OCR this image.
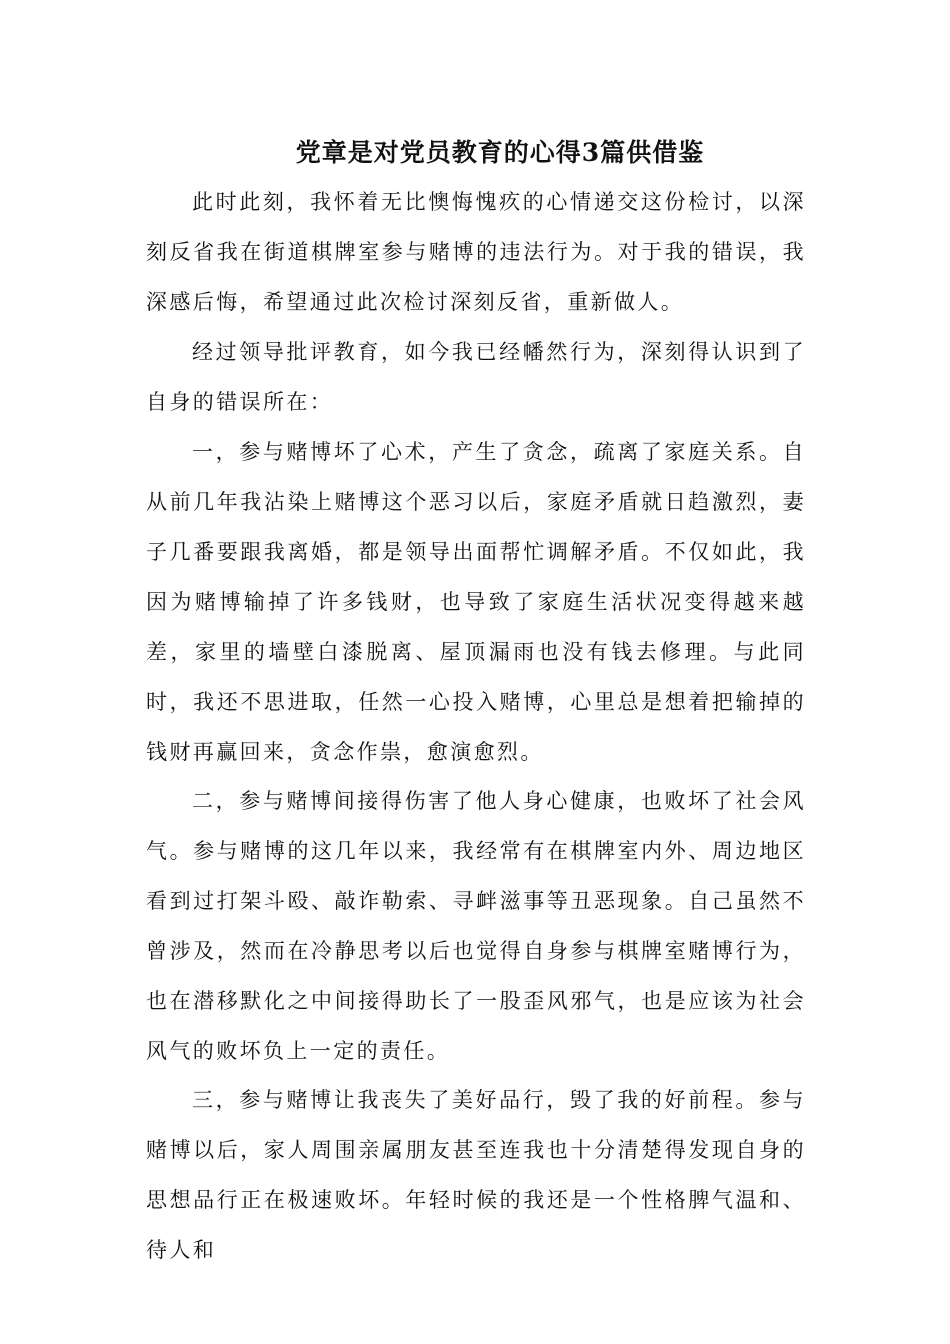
党章是对党员教育的心得3篇供借鉴

此时此刻，我怀着无比懊悔愧疚的心情递交这份检讨，以深刻反省我在街道棋牌室参与赌博的违法行为。对于我的错误，我深感后悔，希望通过此次检讨深刻反省，重新做人。

经过领导批评教育，如今我已经幡然行为，深刻得认识到了自身的错误所在：

一，参与赌博坏了心术，产生了贪念，疏离了家庭关系。自从前几年我沾染上赌博这个恶习以后，家庭矛盾就日趋激烈，妻子几番要跟我离婚，都是领导出面帮忙调解矛盾。不仅如此，我因为赌博输掉了许多钱财，也导致了家庭生活状况变得越来越差，家里的墙壁白漆脱离、屋顶漏雨也没有钱去修理。与此同时，我还不思进取，任然一心投入赌博，心里总是想着把输掉的钱财再赢回来，贪念作祟，愈演愈烈。

二，参与赌博间接得伤害了他人身心健康，也败坏了社会风气。参与赌博的这几年以来，我经常有在棋牌室内外、周边地区看到过打架斗殴、敲诈勒索、寻衅滋事等丑恶现象。自己虽然不曾涉及，然而在冷静思考以后也觉得自身参与棋牌室赌博行为，也在潜移默化之中间接得助长了一股歪风邪气，也是应该为社会风气的败坏负上一定的责任。

三，参与赌博让我丧失了美好品行，毁了我的好前程。参与赌博以后，家人周围亲属朋友甚至连我也十分清楚得发现自身的思想品行正在极速败坏。年轻时候的我还是一个性格脾气温和、待人和
